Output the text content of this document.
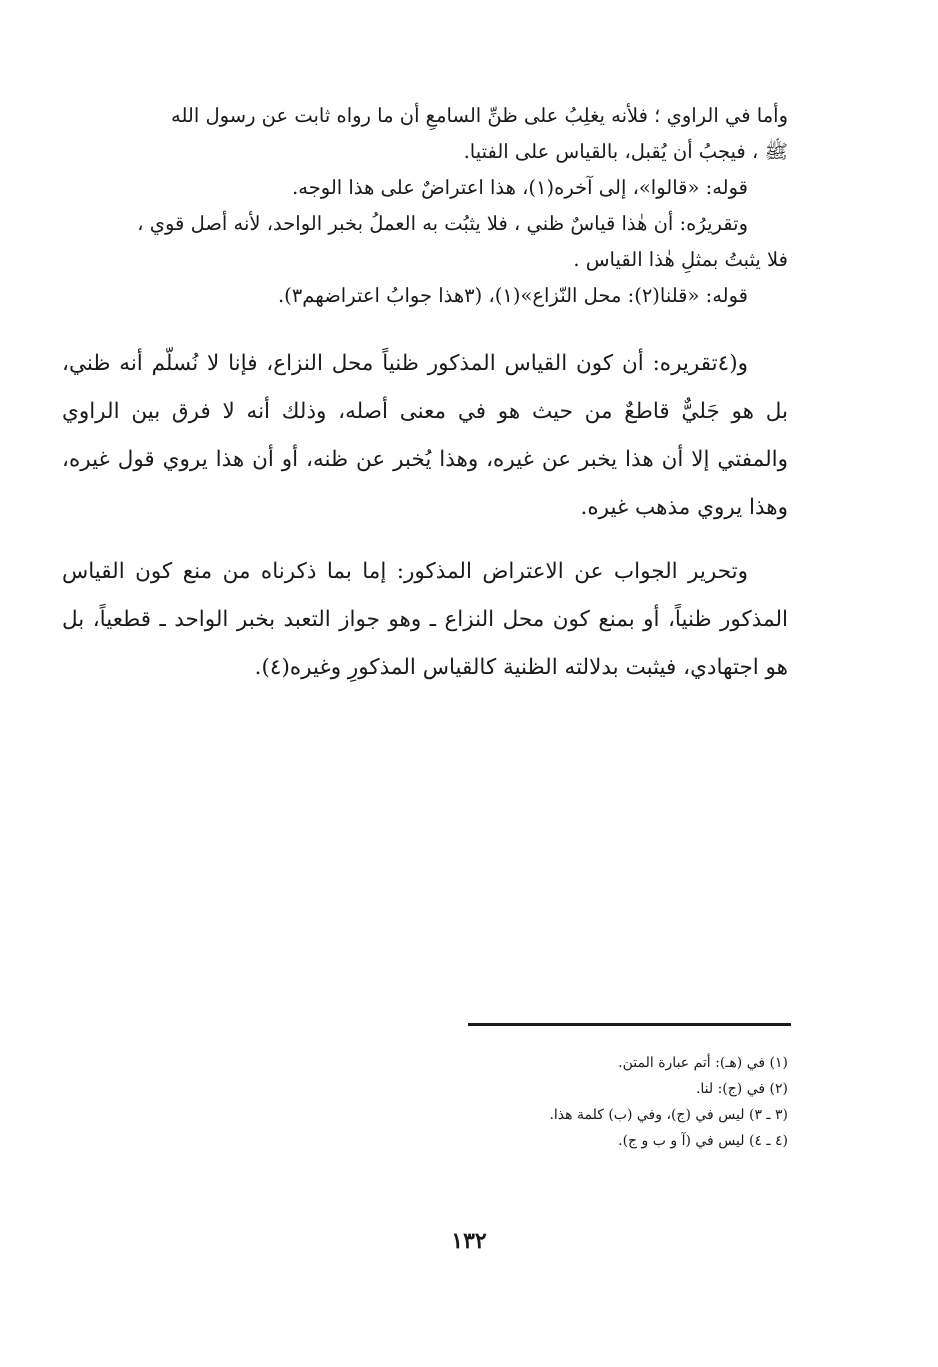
وأما في الراوي ؛ فلأنه يغلِبُ على ظنِّ السامعِ أن ما رواه ثابت عن رسول الله
ﷺ ، فيجبُ أن يُقبل، بالقياس على الفتيا.
قوله: «قالوا»، إلى آخره(١)، هذا اعتراضٌ على هذا الوجه.
وتقريرُه: أن هٰذا قياسٌ ظني ، فلا يثبُت به العملُ بخبر الواحد، لأنه أصل قوي ،
فلا يثبتُ بمثلِ هٰذا القياس .
قوله: «قلنا(٢): محل النّزاع»(١)، (٣هذا جوابُ اعتراضهم٣).

و(٤تقريره: أن كون القياس المذكور ظنياً محل النزاع، فإنا لا نُسلّم أنه ظني، بل هو جَليٌّ قاطعٌ من حيث هو في معنى أصله، وذلك أنه لا فرق بين الراوي والمفتي إلا أن هذا يخبر عن غيره، وهذا يُخبر عن ظنه، أو أن هذا يروي قول غيره، وهذا يروي مذهب غيره.

وتحرير الجواب عن الاعتراض المذكور: إما بما ذكرناه من منع كون القياس المذكور ظنياً، أو بمنع كون محل النزاع ـ وهو جواز التعبد بخبر الواحد ـ قطعياً، بل هو اجتهادي، فيثبت بدلالته الظنية كالقياس المذكورِ وغيره(٤).

(١) في (هـ): أتم عبارة المتن.
(٢) في (ج): لنا.
(٣ ـ ٣) ليس في (ج)، وفي (ب) كلمة هذا.
(٤ ـ ٤) ليس في (آ و ب و ج).
١٣٢
